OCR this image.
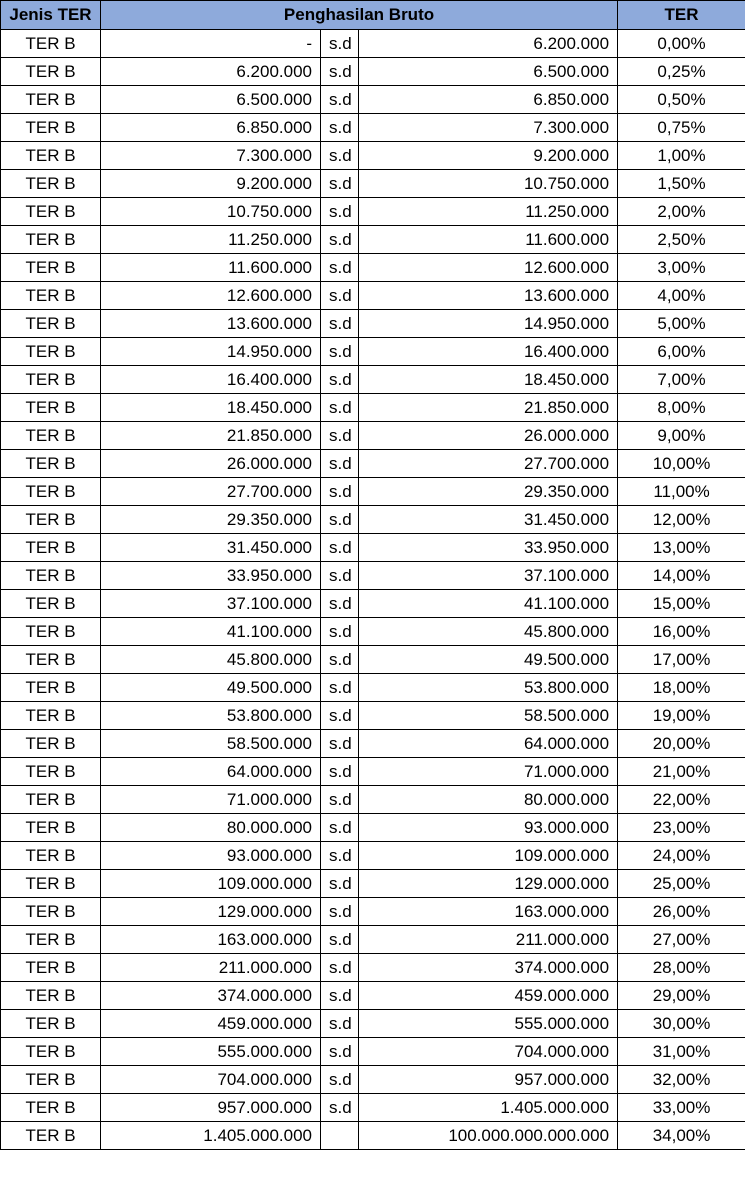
Jenis TER	Penghasilan Bruto			TER
TER B	-	s.d	6.200.000	0,00%
TER B	6.200.000	s.d	6.500.000	0,25%
TER B	6.500.000	s.d	6.850.000	0,50%
TER B	6.850.000	s.d	7.300.000	0,75%
TER B	7.300.000	s.d	9.200.000	1,00%
TER B	9.200.000	s.d	10.750.000	1,50%
TER B	10.750.000	s.d	11.250.000	2,00%
TER B	11.250.000	s.d	11.600.000	2,50%
TER B	11.600.000	s.d	12.600.000	3,00%
TER B	12.600.000	s.d	13.600.000	4,00%
TER B	13.600.000	s.d	14.950.000	5,00%
TER B	14.950.000	s.d	16.400.000	6,00%
TER B	16.400.000	s.d	18.450.000	7,00%
TER B	18.450.000	s.d	21.850.000	8,00%
TER B	21.850.000	s.d	26.000.000	9,00%
TER B	26.000.000	s.d	27.700.000	10,00%
TER B	27.700.000	s.d	29.350.000	11,00%
TER B	29.350.000	s.d	31.450.000	12,00%
TER B	31.450.000	s.d	33.950.000	13,00%
TER B	33.950.000	s.d	37.100.000	14,00%
TER B	37.100.000	s.d	41.100.000	15,00%
TER B	41.100.000	s.d	45.800.000	16,00%
TER B	45.800.000	s.d	49.500.000	17,00%
TER B	49.500.000	s.d	53.800.000	18,00%
TER B	53.800.000	s.d	58.500.000	19,00%
TER B	58.500.000	s.d	64.000.000	20,00%
TER B	64.000.000	s.d	71.000.000	21,00%
TER B	71.000.000	s.d	80.000.000	22,00%
TER B	80.000.000	s.d	93.000.000	23,00%
TER B	93.000.000	s.d	109.000.000	24,00%
TER B	109.000.000	s.d	129.000.000	25,00%
TER B	129.000.000	s.d	163.000.000	26,00%
TER B	163.000.000	s.d	211.000.000	27,00%
TER B	211.000.000	s.d	374.000.000	28,00%
TER B	374.000.000	s.d	459.000.000	29,00%
TER B	459.000.000	s.d	555.000.000	30,00%
TER B	555.000.000	s.d	704.000.000	31,00%
TER B	704.000.000	s.d	957.000.000	32,00%
TER B	957.000.000	s.d	1.405.000.000	33,00%
TER B	1.405.000.000		100.000.000.000.000	34,00%
